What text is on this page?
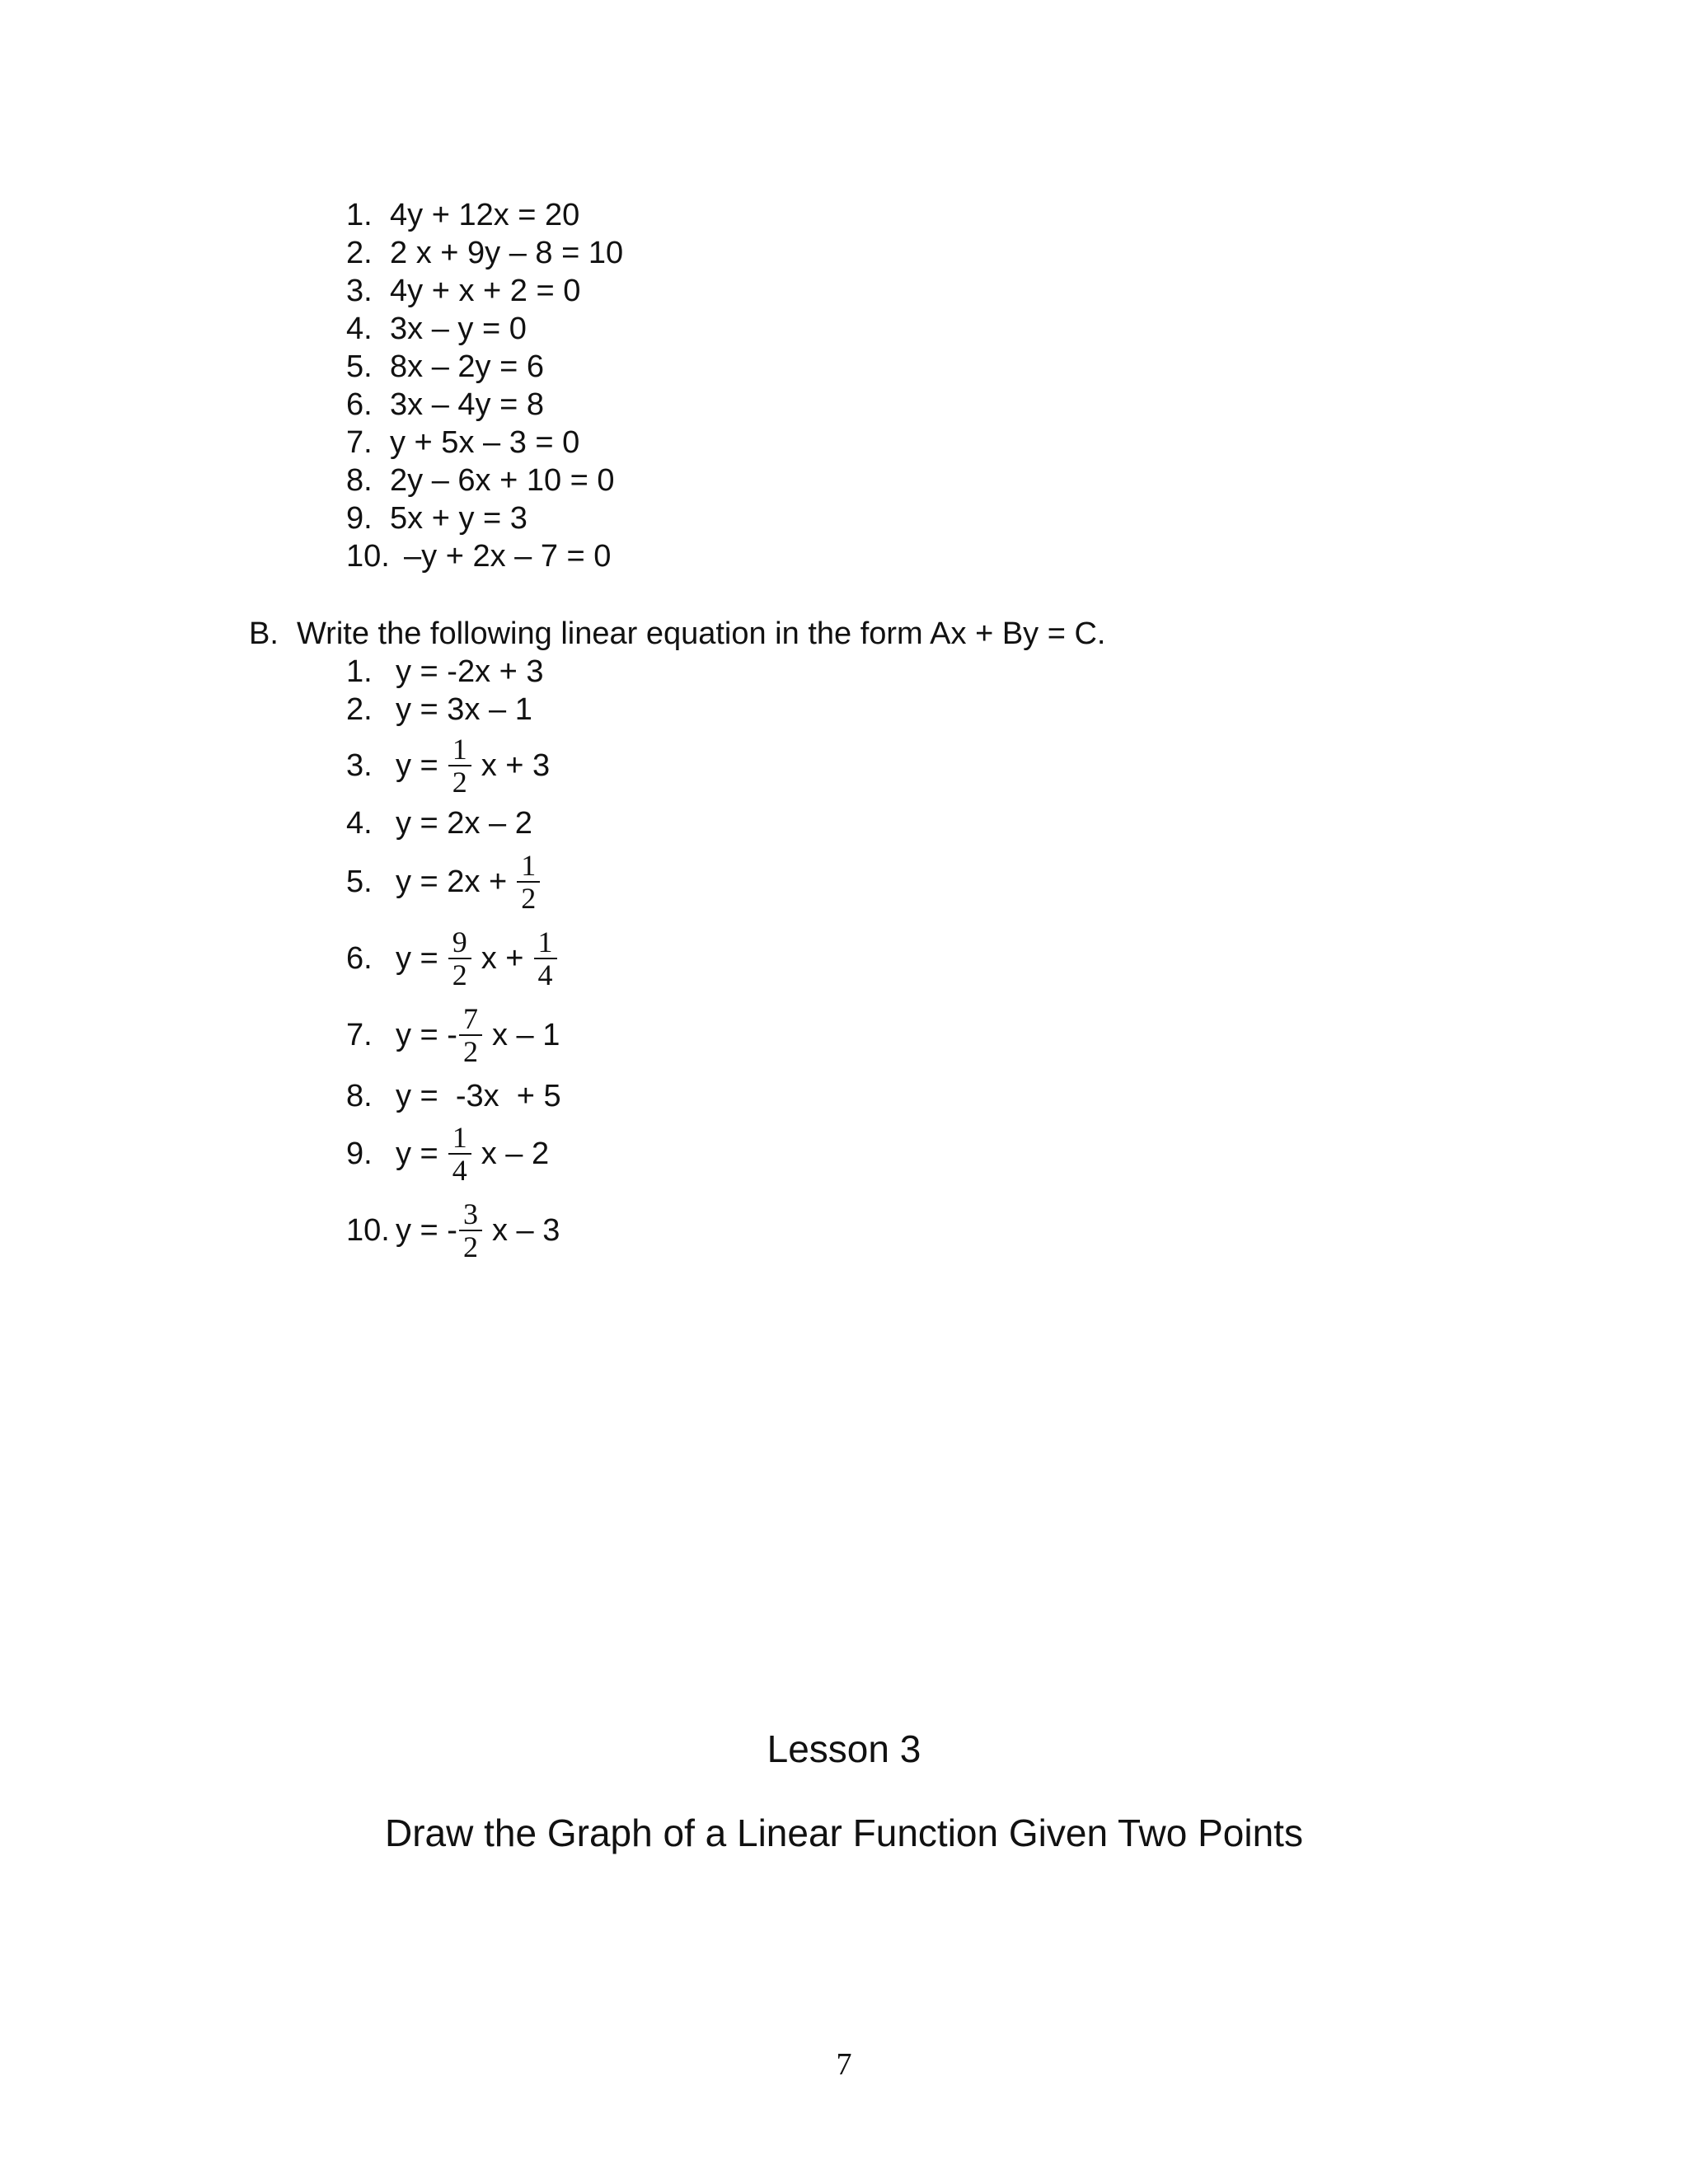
1. 4y + 12x = 20
2. 2 x + 9y – 8 = 10
3. 4y + x + 2 = 0
4. 3x – y = 0
5. 8x – 2y = 6
6. 3x – 4y = 8
7. y + 5x – 3 = 0
8. 2y – 6x + 10 = 0
9. 5x + y = 3
10. –y + 2x – 7 = 0
B. Write the following linear equation in the form Ax + By = C.
1. y = -2x + 3
2. y = 3x – 1
3. $y = \frac{1}{2}$ x + 3
4. y = 2x – 2
5. $y = 2x + \frac{1}{2}$
6. $y = \frac{9}{2}$ $x + \frac{1}{4}$
7. y = - $\frac{7}{2}$ x – 1
8. y =  -3x  + 5
9. $y = \frac{1}{4}$ x – 2
10. y = - $\frac{3}{2}$ x – 3
Lesson 3
Draw the Graph of a Linear Function Given Two Points
7
